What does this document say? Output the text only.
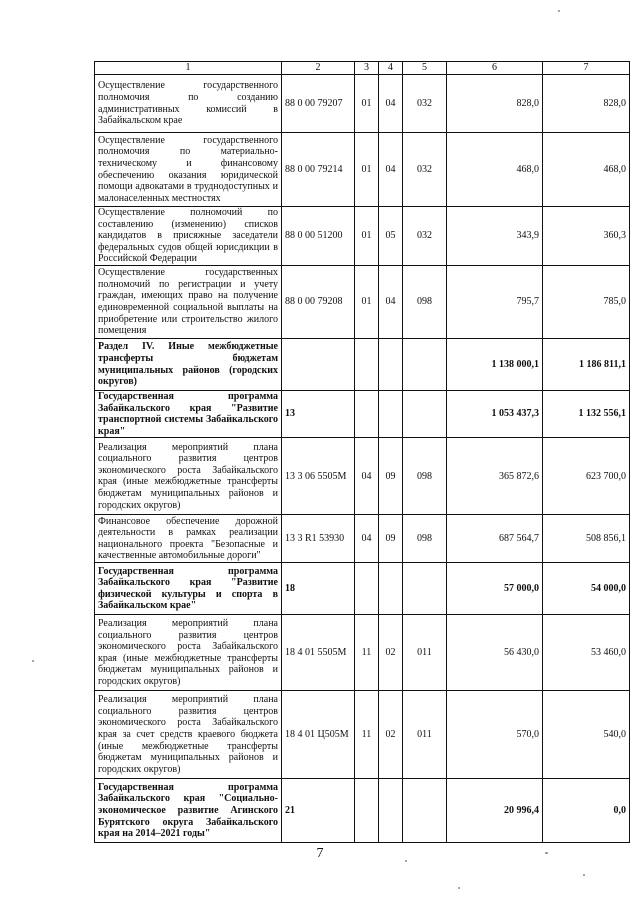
1	2	3	4	5	6	7
Осуществление государственного полномочия по созданию административных комиссий в Забайкальском крае	88 0 00 79207	01	04	032	828,0	828,0
Осуществление государственного полномочия по материально-техническому и финансовому обеспечению оказания юридической помощи адвокатами в труднодоступных и малонаселенных местностях	88 0 00 79214	01	04	032	468,0	468,0
Осуществление полномочий по составлению (изменению) списков кандидатов в присяжные заседатели федеральных судов общей юрисдикции в Российской Федерации	88 0 00 51200	01	05	032	343,9	360,3
Осуществление государственных полномочий по регистрации и учету граждан, имеющих право на получение единовременной социальной выплаты на приобретение или строительство жилого помещения	88 0 00 79208	01	04	098	795,7	785,0
Раздел IV. Иные межбюджетные трансферты бюджетам муниципальных районов (городских округов)					1 138 000,1	1 186 811,1
Государственная программа Забайкальского края "Развитие транспортной системы Забайкальского края"	13				1 053 437,3	1 132 556,1
Реализация мероприятий плана социального развития центров экономического роста Забайкальского края (иные межбюджетные трансферты бюджетам муниципальных районов и городских округов)	13 3 06 5505M	04	09	098	365 872,6	623 700,0
Финансовое обеспечение дорожной деятельности в рамках реализации национального проекта "Безопасные и качественные автомобильные дороги"	13 3 R1 53930	04	09	098	687 564,7	508 856,1
Государственная программа Забайкальского края "Развитие физической культуры и спорта в Забайкальском крае"	18				57 000,0	54 000,0
Реализация мероприятий плана социального развития центров экономического роста Забайкальского края (иные межбюджетные трансферты бюджетам муниципальных районов и городских округов)	18 4 01 5505M	11	02	011	56 430,0	53 460,0
Реализация мероприятий плана социального развития центров экономического роста Забайкальского края за счет средств краевого бюджета (иные межбюджетные трансферты бюджетам муниципальных районов и городских округов)	18 4 01 Ц505M	11	02	011	570,0	540,0
Государственная программа Забайкальского края "Социально-экономическое развитие Агинского Бурятского округа Забайкальского края на 2014–2021 годы"	21				20 996,4	0,0
7
